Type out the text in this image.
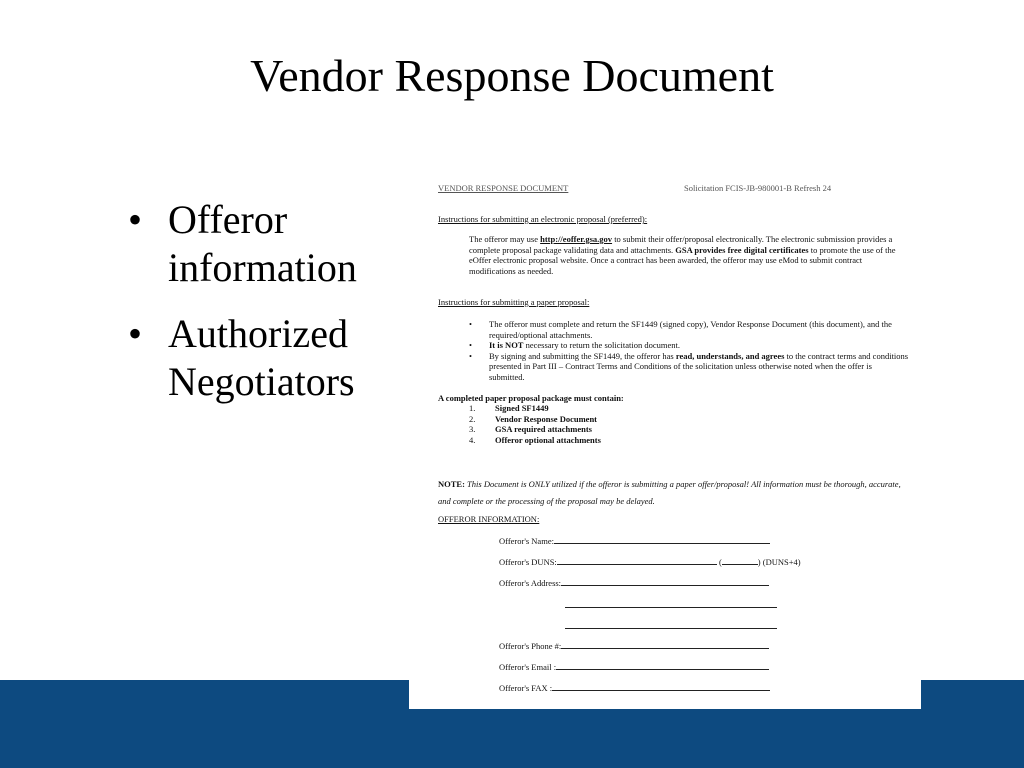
Vendor Response Document
• Offeror information
• Authorized Negotiators
VENDOR RESPONSE DOCUMENT	Solicitation FCIS-JB-980001-B Refresh 24
Instructions for submitting an electronic proposal (preferred):
The offeror may use http://eoffer.gsa.gov to submit their offer/proposal electronically. The electronic submission provides a complete proposal package validating data and attachments. GSA provides free digital certificates to promote the use of the eOffer electronic proposal website. Once a contract has been awarded, the offeror may use eMod to submit contract modifications as needed.
Instructions for submitting a paper proposal:
• The offeror must complete and return the SF1449 (signed copy), Vendor Response Document (this document), and the required/optional attachments.
• It is NOT necessary to return the solicitation document.
• By signing and submitting the SF1449, the offeror has read, understands, and agrees to the contract terms and conditions presented in Part III – Contract Terms and Conditions of the solicitation unless otherwise noted when the offer is submitted.
A completed paper proposal package must contain:
1. Signed SF1449
2. Vendor Response Document
3. GSA required attachments
4. Offeror optional attachments
NOTE: This Document is ONLY utilized if the offeror is submitting a paper offer/proposal! All information must be thorough, accurate, and complete or the processing of the proposal may be delayed.
OFFEROR INFORMATION:
Offeror's Name:
Offeror's DUNS:	(	) (DUNS+4)
Offeror's Address:
Offeror's Phone #:
Offeror's Email :
Offeror's FAX :
